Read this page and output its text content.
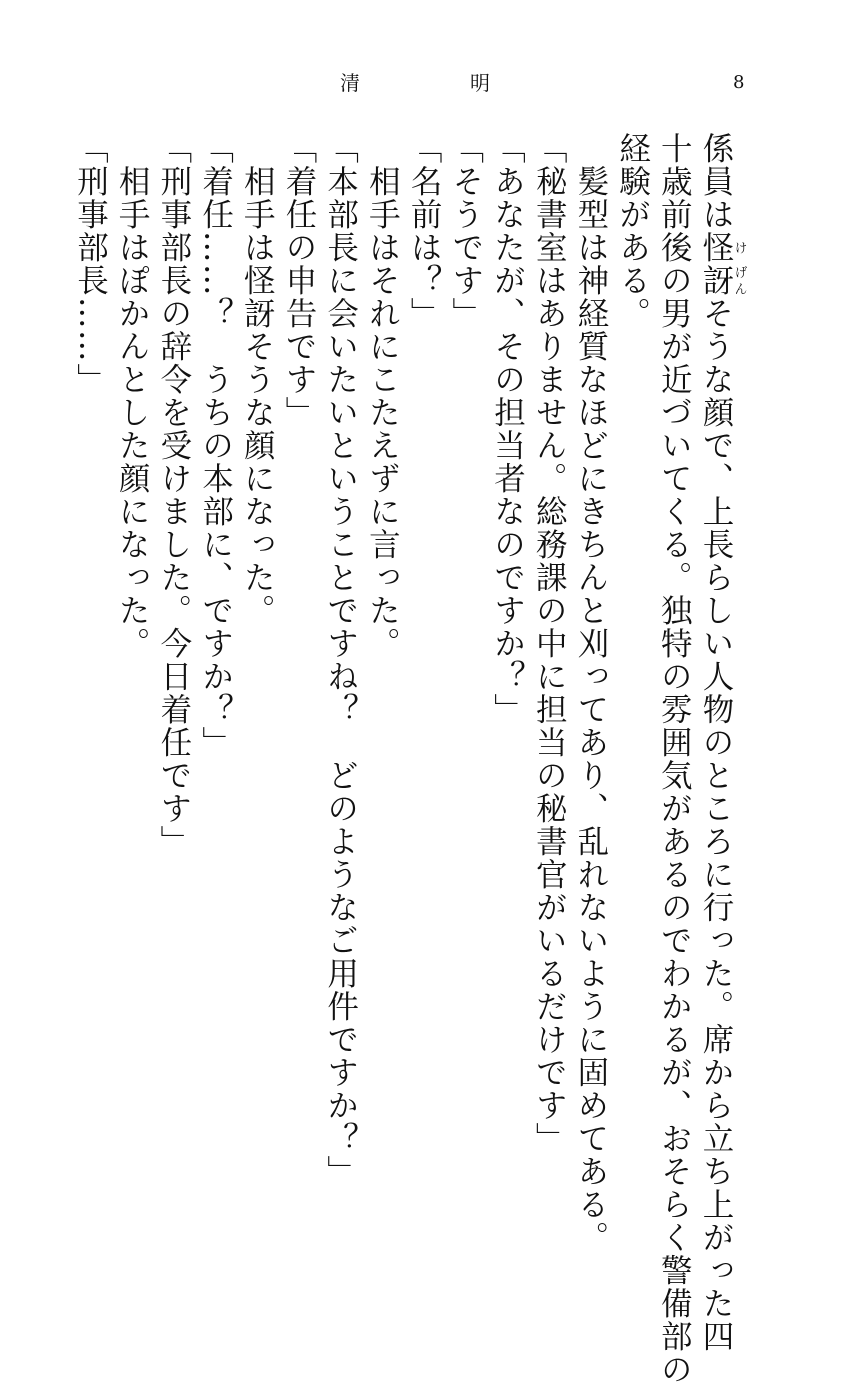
清明	8

係員は怪け訝げんそうな顔で、上長らしい人物のところに行った。席から立ち上がった四

十歳前後の男が近づいてくる。独特の雰囲気があるのでわかるが、おそらく警備部の

経験がある。

　髪型は神経質なほどにきちんと刈ってあり、乱れないように固めてある。

「秘書室はありません。総務課の中に担当の秘書官がいるだけです」

「あなたが、その担当者なのですか？」

「そうです」

「名前は？」

　相手はそれにこたえずに言った。

「本部長に会いたいということですね？　どのようなご用件ですか？」

「着任の申告です」

　相手は怪訝そうな顔になった。

「着任……？　うちの本部に、ですか？」

「刑事部長の辞令を受けました。今日着任です」

　相手はぽかんとした顔になった。

「刑事部長……」
